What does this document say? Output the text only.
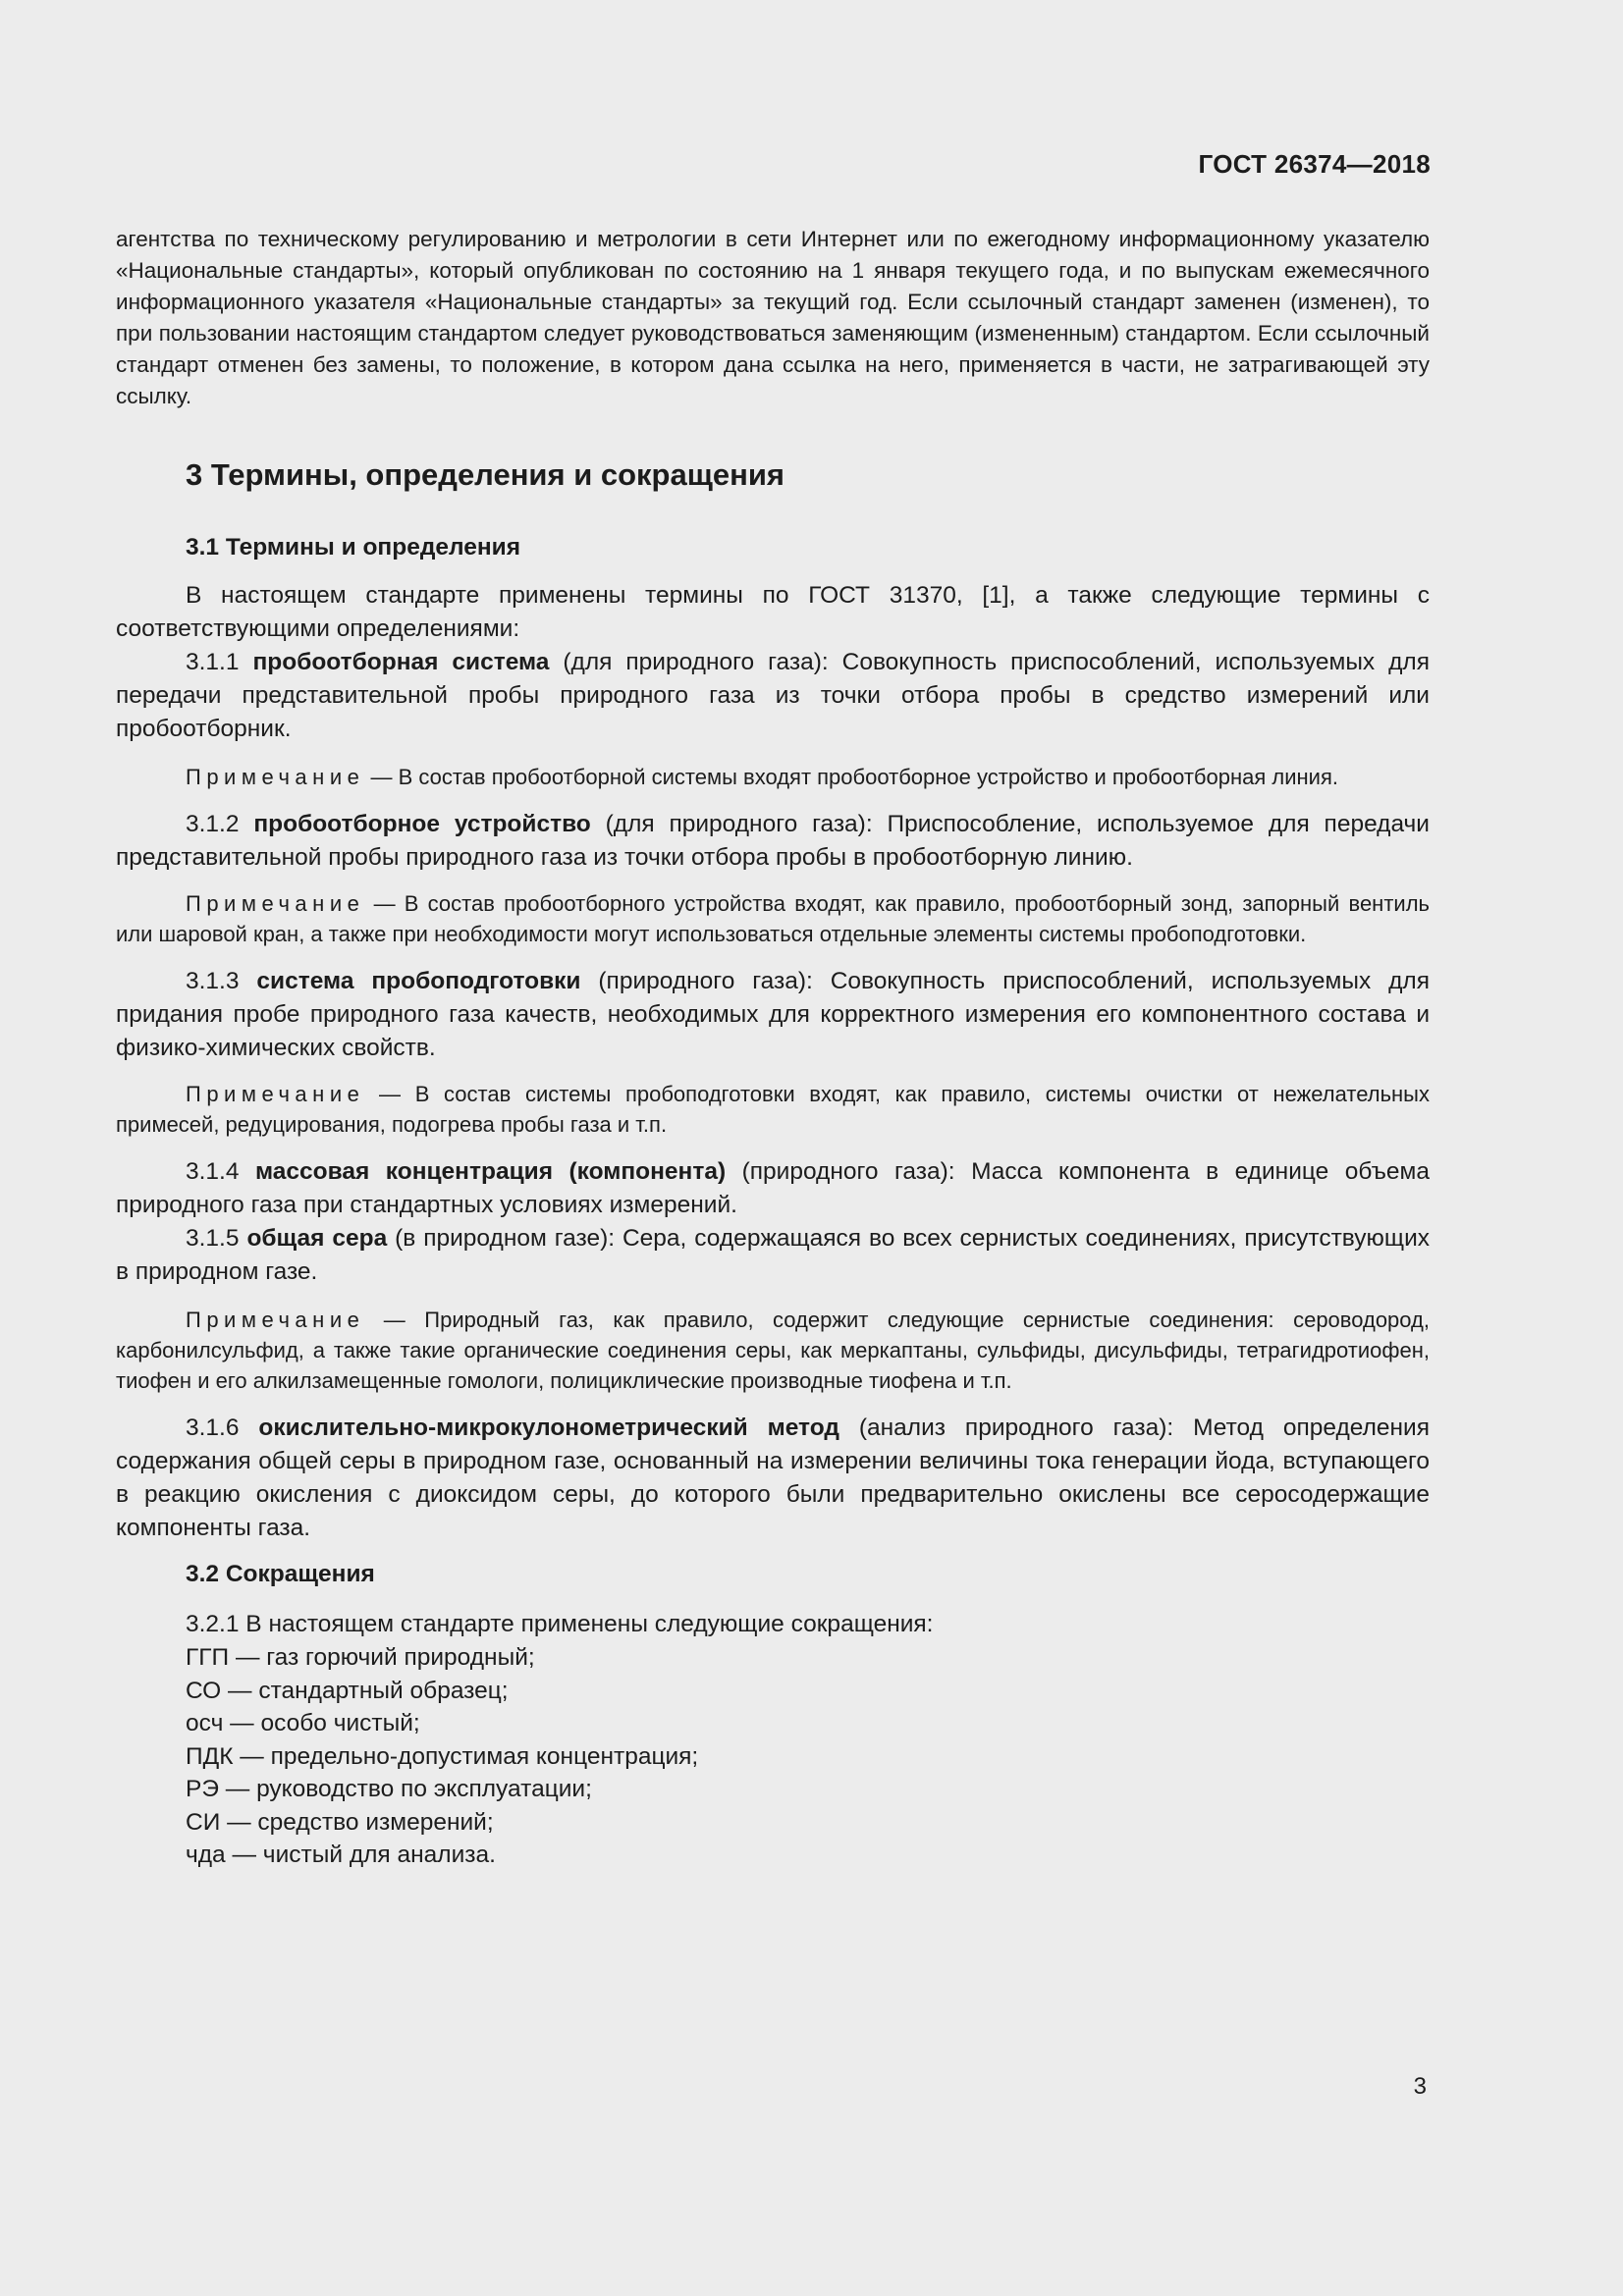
ГОСТ 26374—2018

агентства по техническому регулированию и метрологии в сети Интернет или по ежегодному информационному указателю «Национальные стандарты», который опубликован по состоянию на 1 января текущего года, и по выпускам ежемесячного информационного указателя «Национальные стандарты» за текущий год. Если ссылочный стандарт заменен (изменен), то при пользовании настоящим стандартом следует руководствоваться заменяющим (измененным) стандартом. Если ссылочный стандарт отменен без замены, то положение, в котором дана ссылка на него, применяется в части, не затрагивающей эту ссылку.

3 Термины, определения и сокращения
3.1 Термины и определения

В настоящем стандарте применены термины по ГОСТ 31370, [1], а также следующие термины с соответствующими определениями:

3.1.1 пробоотборная система (для природного газа): Совокупность приспособлений, используемых для передачи представительной пробы природного газа из точки отбора пробы в средство измерений или пробоотборник.

Примечание — В состав пробоотборной системы входят пробоотборное устройство и пробоотборная линия.

3.1.2 пробоотборное устройство (для природного газа): Приспособление, используемое для передачи представительной пробы природного газа из точки отбора пробы в пробоотборную линию.

Примечание — В состав пробоотборного устройства входят, как правило, пробоотборный зонд, запорный вентиль или шаровой кран, а также при необходимости могут использоваться отдельные элементы системы пробоподготовки.

3.1.3 система пробоподготовки (природного газа): Совокупность приспособлений, используемых для придания пробе природного газа качеств, необходимых для корректного измерения его компонентного состава и физико-химических свойств.

Примечание — В состав системы пробоподготовки входят, как правило, системы очистки от нежелательных примесей, редуцирования, подогрева пробы газа и т.п.

3.1.4 массовая концентрация (компонента) (природного газа): Масса компонента в единице объема природного газа при стандартных условиях измерений.

3.1.5 общая сера (в природном газе): Сера, содержащаяся во всех сернистых соединениях, присутствующих в природном газе.

Примечание — Природный газ, как правило, содержит следующие сернистые соединения: сероводород, карбонилсульфид, а также такие органические соединения серы, как меркаптаны, сульфиды, дисульфиды, тетрагидротиофен, тиофен и его алкилзамещенные гомологи, полициклические производные тиофена и т.п.

3.1.6 окислительно-микрокулонометрический метод (анализ природного газа): Метод определения содержания общей серы в природном газе, основанный на измерении величины тока генерации йода, вступающего в реакцию окисления с диоксидом серы, до которого были предварительно окислены все серосодержащие компоненты газа.

3.2 Сокращения

3.2.1 В настоящем стандарте применены следующие сокращения:

ГГП — газ горючий природный;
СО — стандартный образец;
осч — особо чистый;
ПДК — предельно-допустимая концентрация;
РЭ — руководство по эксплуатации;
СИ — средство измерений;
чда — чистый для анализа.
3
